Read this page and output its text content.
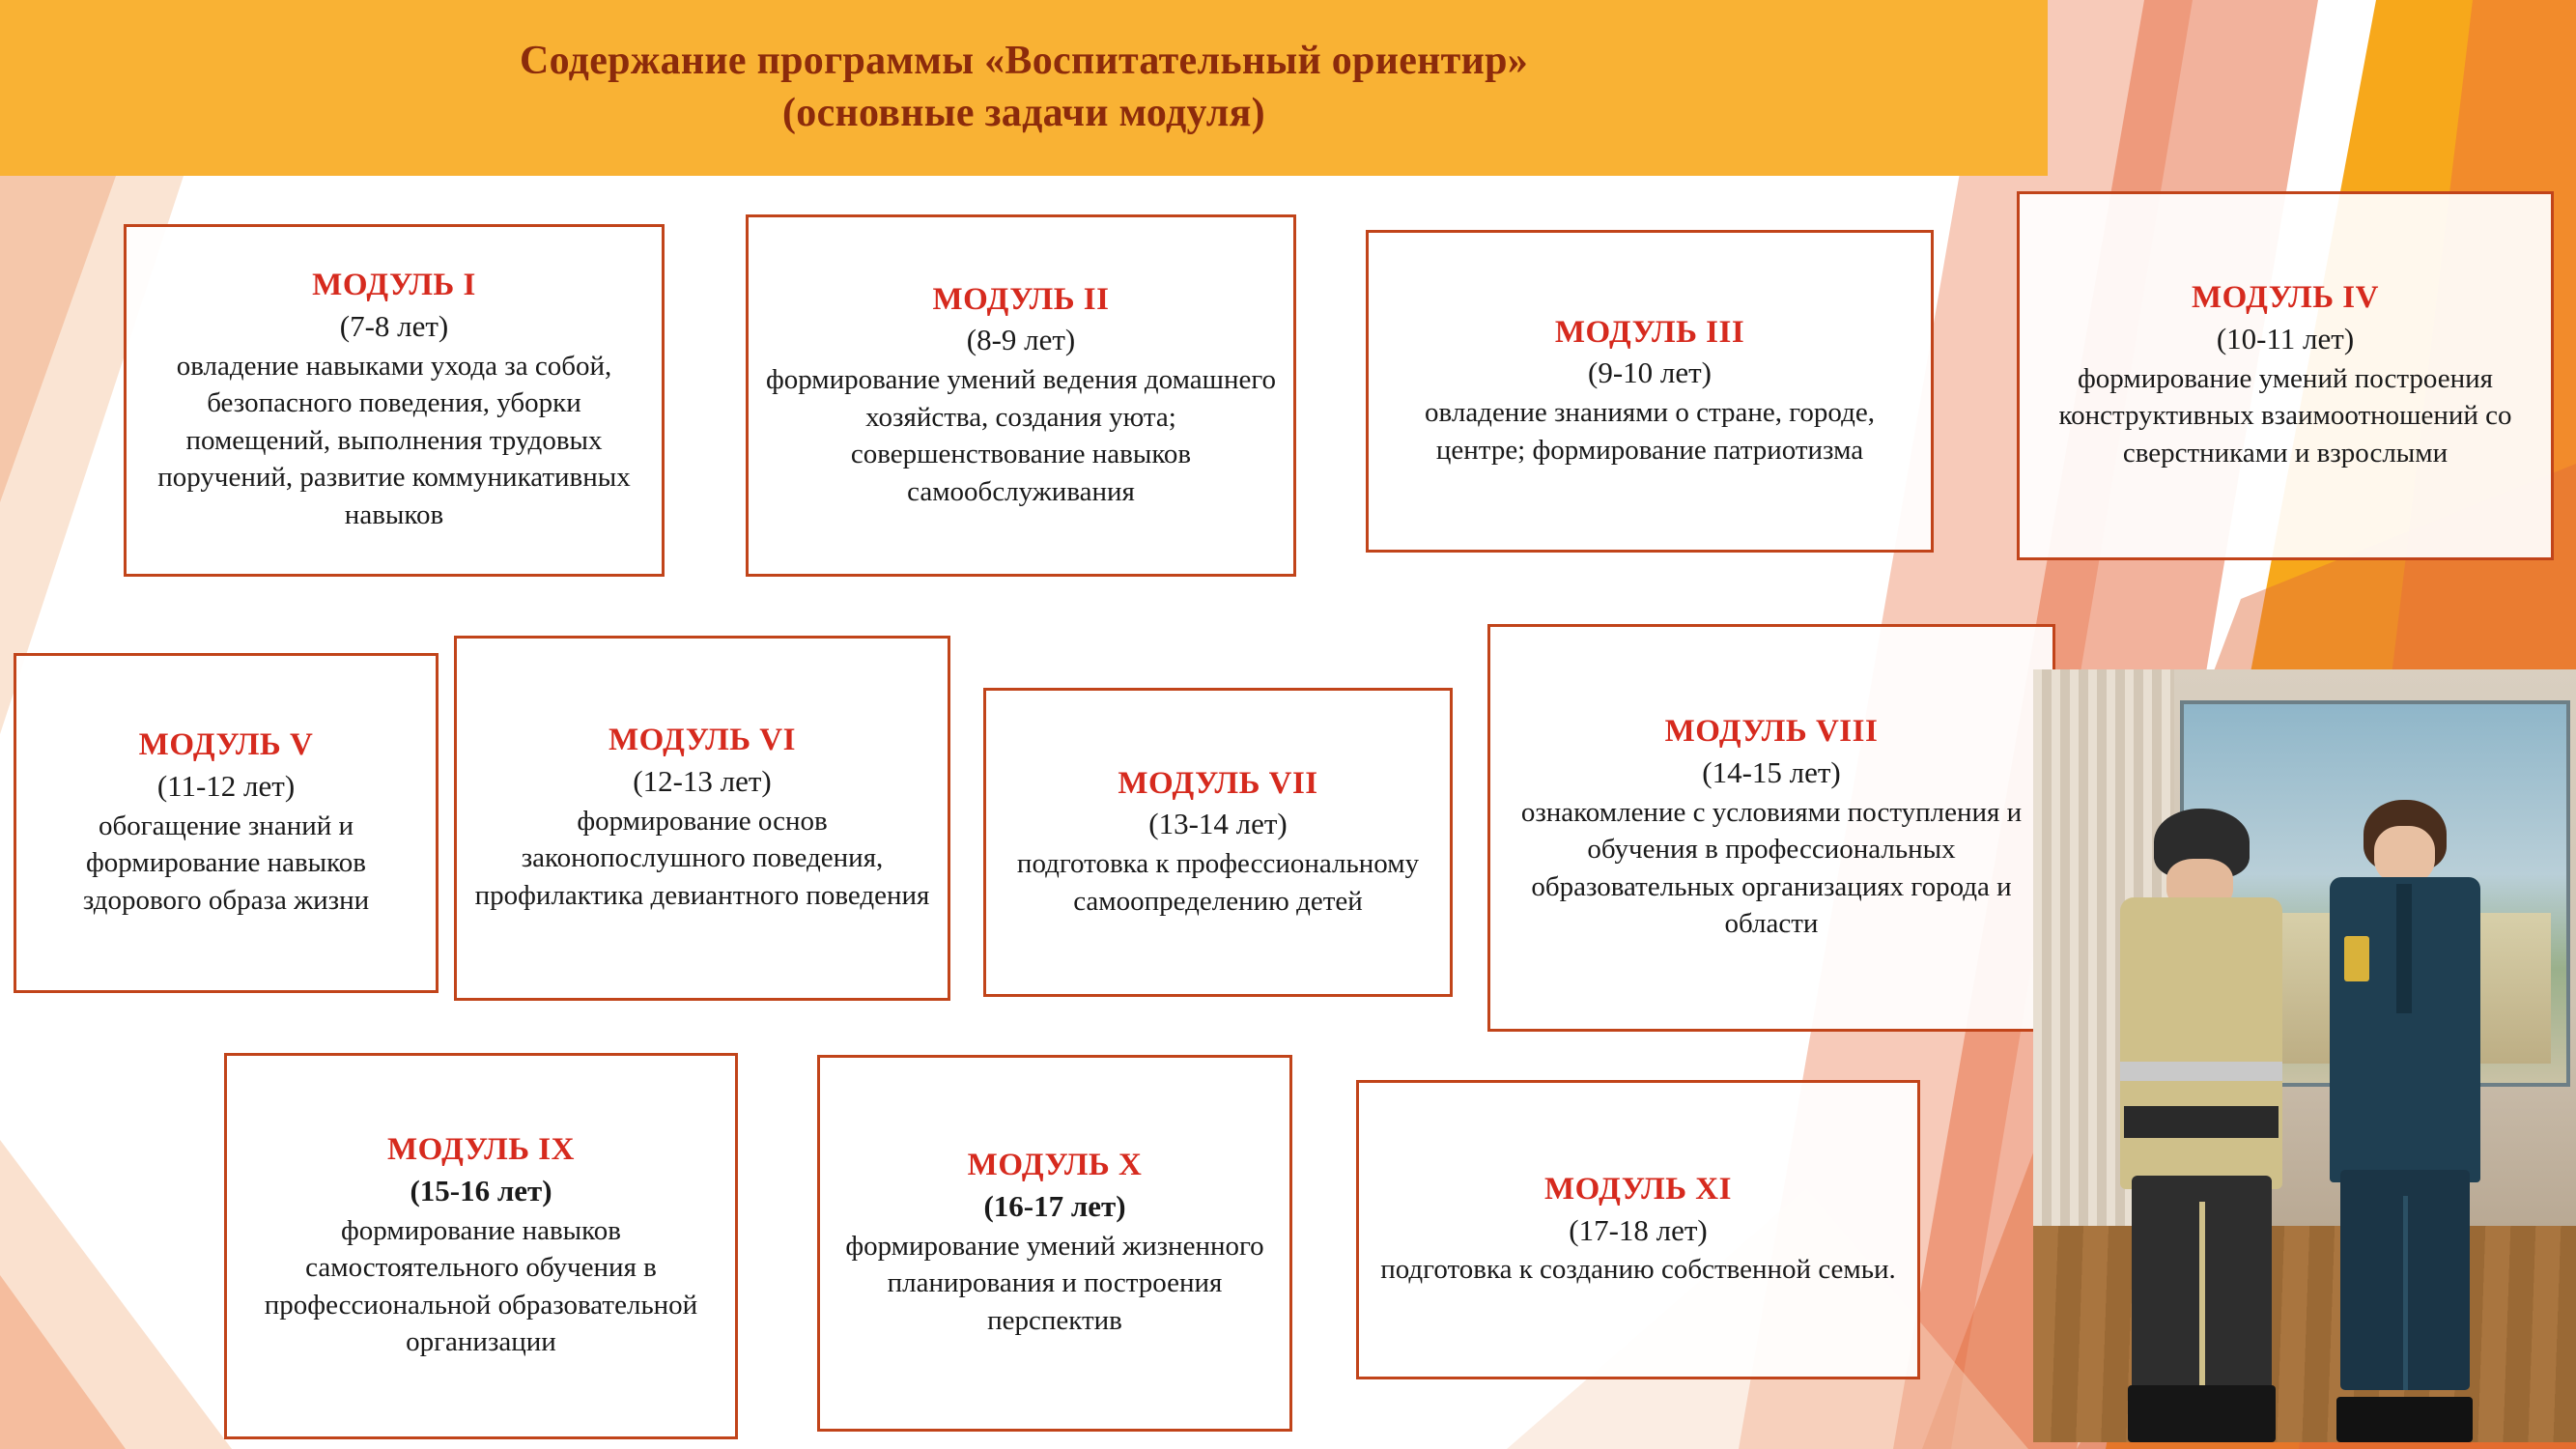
Содержание программы «Воспитательный ориентир»
(основные задачи модуля)
МОДУЛЬ I
(7-8 лет)
овладение навыками ухода за собой, безопасного поведения, уборки помещений, выполнения трудовых поручений, развитие коммуникативных навыков
МОДУЛЬ II
(8-9 лет)
формирование умений ведения домашнего хозяйства, создания уюта; совершенствование навыков самообслуживания
МОДУЛЬ III
(9-10 лет)
овладение знаниями о стране, городе, центре; формирование патриотизма
МОДУЛЬ IV
(10-11 лет)
формирование умений построения конструктивных взаимоотношений со сверстниками и взрослыми
МОДУЛЬ V
(11-12 лет)
обогащение знаний и формирование навыков здорового образа жизни
МОДУЛЬ VI
(12-13 лет)
формирование основ законопослушного поведения, профилактика девиантного поведения
МОДУЛЬ VII
(13-14 лет)
подготовка к профессиональному самоопределению детей
МОДУЛЬ VIII
(14-15 лет)
ознакомление с условиями поступления и обучения в профессиональных образовательных организациях города и области
МОДУЛЬ IX
(15-16 лет)
формирование навыков самостоятельного обучения в профессиональной образовательной организации
МОДУЛЬ X
(16-17 лет)
формирование умений жизненного планирования и построения перспектив
МОДУЛЬ XI
(17-18 лет)
подготовка к созданию собственной семьи.
